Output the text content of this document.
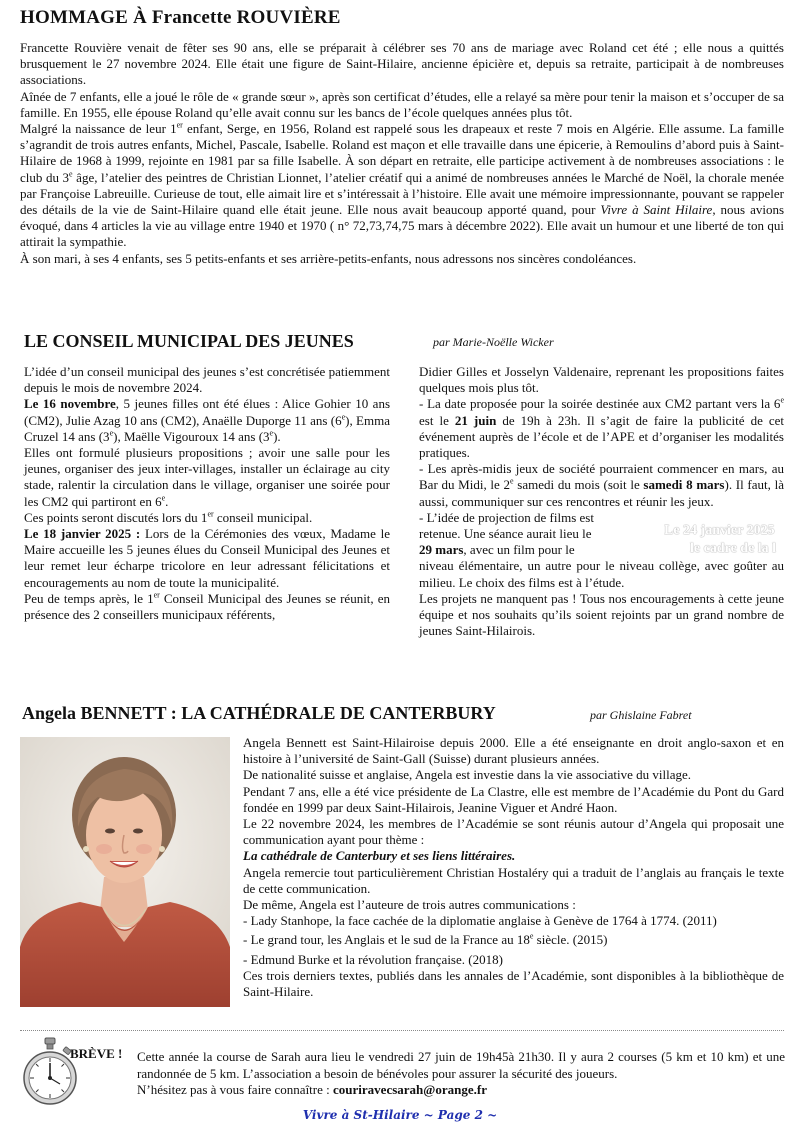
HOMMAGE À Francette ROUVIÈRE

Francette Rouvière venait de fêter ses 90 ans, elle se préparait à célébrer ses 70 ans de mariage avec Roland cet été ; elle nous a quittés brusquement le 27 novembre 2024. Elle était une figure de Saint-Hilaire, ancienne épicière et, depuis sa retraite, participait à de nombreuses associations.

Aînée de 7 enfants, elle a joué le rôle de « grande sœur », après son certificat d’études, elle a relayé sa mère pour tenir la maison et s’occuper de sa famille. En 1955, elle épouse Roland qu’elle avait connu sur les bancs de l’école quelques années plus tôt.

Malgré la naissance de leur 1er enfant, Serge, en 1956, Roland est rappelé sous les drapeaux et reste 7 mois en Algérie. Elle assume. La famille s’agrandit de trois autres enfants, Michel, Pascale, Isabelle. Roland est maçon et elle travaille dans une épicerie, à Remoulins d’abord puis à Saint-Hilaire de 1968 à 1999, rejointe en 1981 par sa fille Isabelle. À son départ en retraite, elle participe activement à de nombreuses associations : le club du 3e âge, l’atelier des peintres de Christian Lionnet, l’atelier créatif qui a animé de nombreuses années le Marché de Noël, la chorale menée par Françoise Labreuille. Curieuse de tout, elle aimait lire et s’intéressait à l’histoire. Elle avait une mémoire impressionnante, pouvant se rappeler des détails de la vie de Saint-Hilaire quand elle était jeune. Elle nous avait beaucoup apporté quand, pour Vivre à Saint Hilaire, nous avions évoqué, dans 4 articles la vie au village entre 1940 et 1970 ( n° 72,73,74,75 mars à décembre 2022). Elle avait un humour et une liberté de ton qui attirait la sympathie.

À son mari, à ses 4 enfants, ses 5 petits-enfants et ses arrière-petits-enfants, nous adressons nos sincères condoléances.

LE CONSEIL MUNICIPAL DES JEUNES	par Marie-Noëlle Wicker

L’idée d’un conseil municipal des jeunes s’est concrétisée patiemment depuis le mois de novembre 2024.

Le 16 novembre, 5 jeunes filles ont été élues : Alice Gohier 10 ans (CM2), Julie Azag 10 ans (CM2), Anaëlle Duporge 11 ans (6e), Emma Cruzel 14 ans (3e), Maëlle Vigouroux 14 ans (3e).

Elles ont formulé plusieurs propositions ; avoir une salle pour les jeunes, organiser des jeux inter-villages, installer un éclairage au city stade, ralentir la circulation dans le village, organiser une soirée pour les CM2 qui partiront en 6e.

Ces points seront discutés lors du 1er conseil municipal.

Le 18 janvier 2025 : Lors de la Cérémonies des vœux, Madame le Maire accueille les 5 jeunes élues du Conseil Municipal des Jeunes et leur remet leur écharpe tricolore en leur adressant félicitations et encouragements au nom de toute la municipalité.

Peu de temps après, le 1er Conseil Municipal des Jeunes se réunit, en présence des 2 conseillers municipaux référents,

Didier Gilles et Josselyn Valdenaire, reprenant les propositions faites quelques mois plus tôt.

- La date proposée pour la soirée destinée aux CM2 partant vers la 6e est le 21 juin de 19h à 23h. Il s’agit de faire la publicité de cet événement auprès de l’école et de l’APE et d’organiser les modalités pratiques.

- Les après-midis jeux de société pourraient commencer en mars, au Bar du Midi, le 2e samedi du mois (soit le samedi 8 mars). Il faut, là aussi, communiquer sur ces rencontres et réunir les jeux.

- L’idée de projection de films est
retenue. Une séance aurait lieu le
29 mars, avec un film pour le

niveau élémentaire, un autre pour le niveau collège, avec goûter au milieu. Le choix des films est à l’étude.

Les projets ne manquent pas ! Tous nos encouragements à cette jeune équipe et nos souhaits qu’ils soient rejoints par un grand nombre de jeunes Saint-Hilairois.

Le 24 janvier 2025
le cadre de la l
Angela BENNETT : LA CATHÉDRALE DE CANTERBURY	par Ghislaine Fabret

Angela Bennett est Saint-Hilairoise depuis 2000. Elle a été enseignante en droit anglo-saxon et en histoire à l’université de Saint-Gall (Suisse) durant plusieurs années.

De nationalité suisse et anglaise, Angela est investie dans la vie associative du village.

Pendant 7 ans, elle a été vice présidente de La Clastre, elle est membre de l’Académie du Pont du Gard fondée en 1999 par deux Saint-Hilairois, Jeanine Viguer et André Haon.

Le 22 novembre 2024, les membres de l’Académie se sont réunis autour d’Angela qui proposait une communication ayant pour thème :

La cathédrale de Canterbury et ses liens littéraires.

Angela remercie tout particulièrement Christian Hostaléry qui a traduit de l’anglais au français le texte de cette communication.

De même, Angela est l’auteure de trois autres communications :

- Lady Stanhope, la face cachée de la diplomatie anglaise à Genève de 1764 à 1774. (2011)

- Le grand tour, les Anglais et le sud de la France au 18e siècle. (2015)

- Edmund Burke et la révolution française. (2018)

Ces trois derniers textes, publiés dans les annales de l’Académie, sont disponibles à la bibliothèque de Saint-Hilaire.

BRÈVE ! Cette année la course de Sarah aura lieu le vendredi 27 juin de 19h45à 21h30. Il y aura 2 courses (5 km et 10 km) et une randonnée de 5 km. L’association a besoin de bénévoles pour assurer la sécurité des joueurs.

N’hésitez pas à vous faire connaître : couriravecsarah@orange.fr

Vivre à St-Hilaire ~ Page 2 ~
